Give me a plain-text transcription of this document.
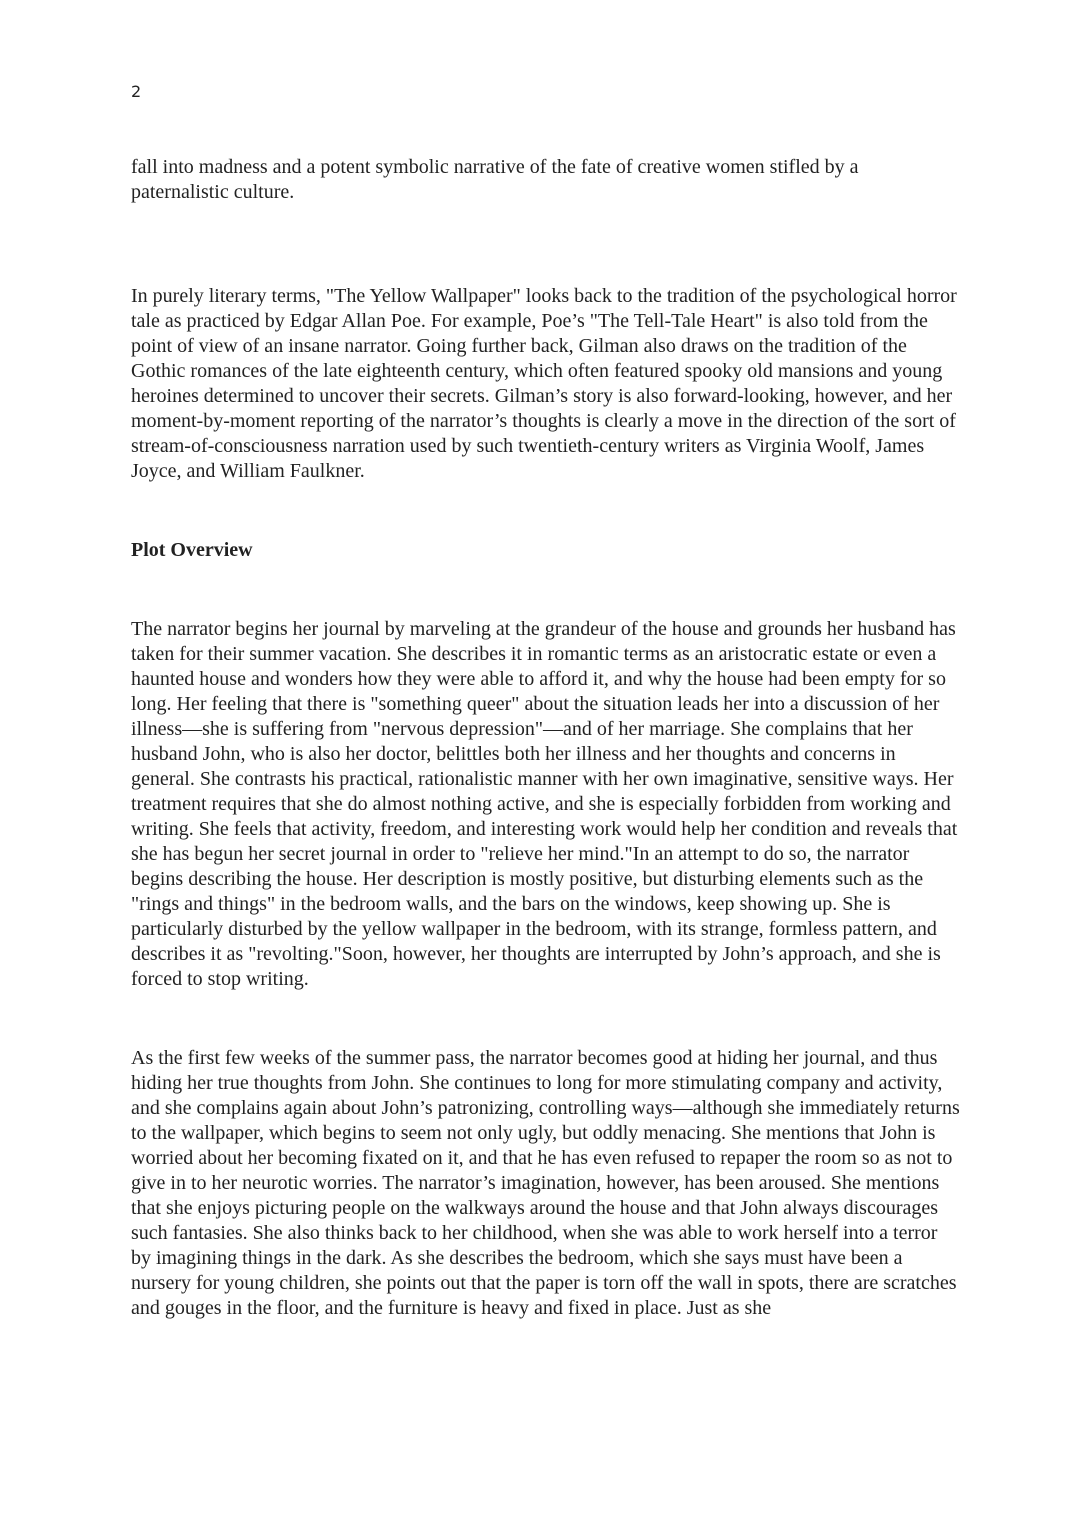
2

fall into madness and a potent symbolic narrative of the fate of creative women stifled by a paternalistic culture.

In purely literary terms, "The Yellow Wallpaper" looks back to the tradition of the psychological horror tale as practiced by Edgar Allan Poe. For example, Poe’s "The Tell-Tale Heart" is also told from the point of view of an insane narrator. Going further back, Gilman also draws on the tradition of the Gothic romances of the late eighteenth century, which often featured spooky old mansions and young heroines determined to uncover their secrets. Gilman’s story is also forward-looking, however, and her moment-by-moment reporting of the narrator’s thoughts is clearly a move in the direction of the sort of stream-of-consciousness narration used by such twentieth-century writers as Virginia Woolf, James Joyce, and William Faulkner.

Plot Overview

The narrator begins her journal by marveling at the grandeur of the house and grounds her husband has taken for their summer vacation. She describes it in romantic terms as an aristocratic estate or even a haunted house and wonders how they were able to afford it, and why the house had been empty for so long. Her feeling that there is "something queer" about the situation leads her into a discussion of her illness—she is suffering from "nervous depression"—and of her marriage. She complains that her husband John, who is also her doctor, belittles both her illness and her thoughts and concerns in general. She contrasts his practical, rationalistic manner with her own imaginative, sensitive ways. Her treatment requires that she do almost nothing active, and she is especially forbidden from working and writing. She feels that activity, freedom, and interesting work would help her condition and reveals that she has begun her secret journal in order to "relieve her mind."In an attempt to do so, the narrator begins describing the house. Her description is mostly positive, but disturbing elements such as the "rings and things" in the bedroom walls, and the bars on the windows, keep showing up. She is particularly disturbed by the yellow wallpaper in the bedroom, with its strange, formless pattern, and describes it as "revolting."Soon, however, her thoughts are interrupted by John’s approach, and she is forced to stop writing.

As the first few weeks of the summer pass, the narrator becomes good at hiding her journal, and thus hiding her true thoughts from John. She continues to long for more stimulating company and activity, and she complains again about John’s patronizing, controlling ways—although she immediately returns to the wallpaper, which begins to seem not only ugly, but oddly menacing. She mentions that John is worried about her becoming fixated on it, and that he has even refused to repaper the room so as not to give in to her neurotic worries. The narrator’s imagination, however, has been aroused. She mentions that she enjoys picturing people on the walkways around the house and that John always discourages such fantasies. She also thinks back to her childhood, when she was able to work herself into a terror by imagining things in the dark. As she describes the bedroom, which she says must have been a nursery for young children, she points out that the paper is torn off the wall in spots, there are scratches and gouges in the floor, and the furniture is heavy and fixed in place. Just as she
